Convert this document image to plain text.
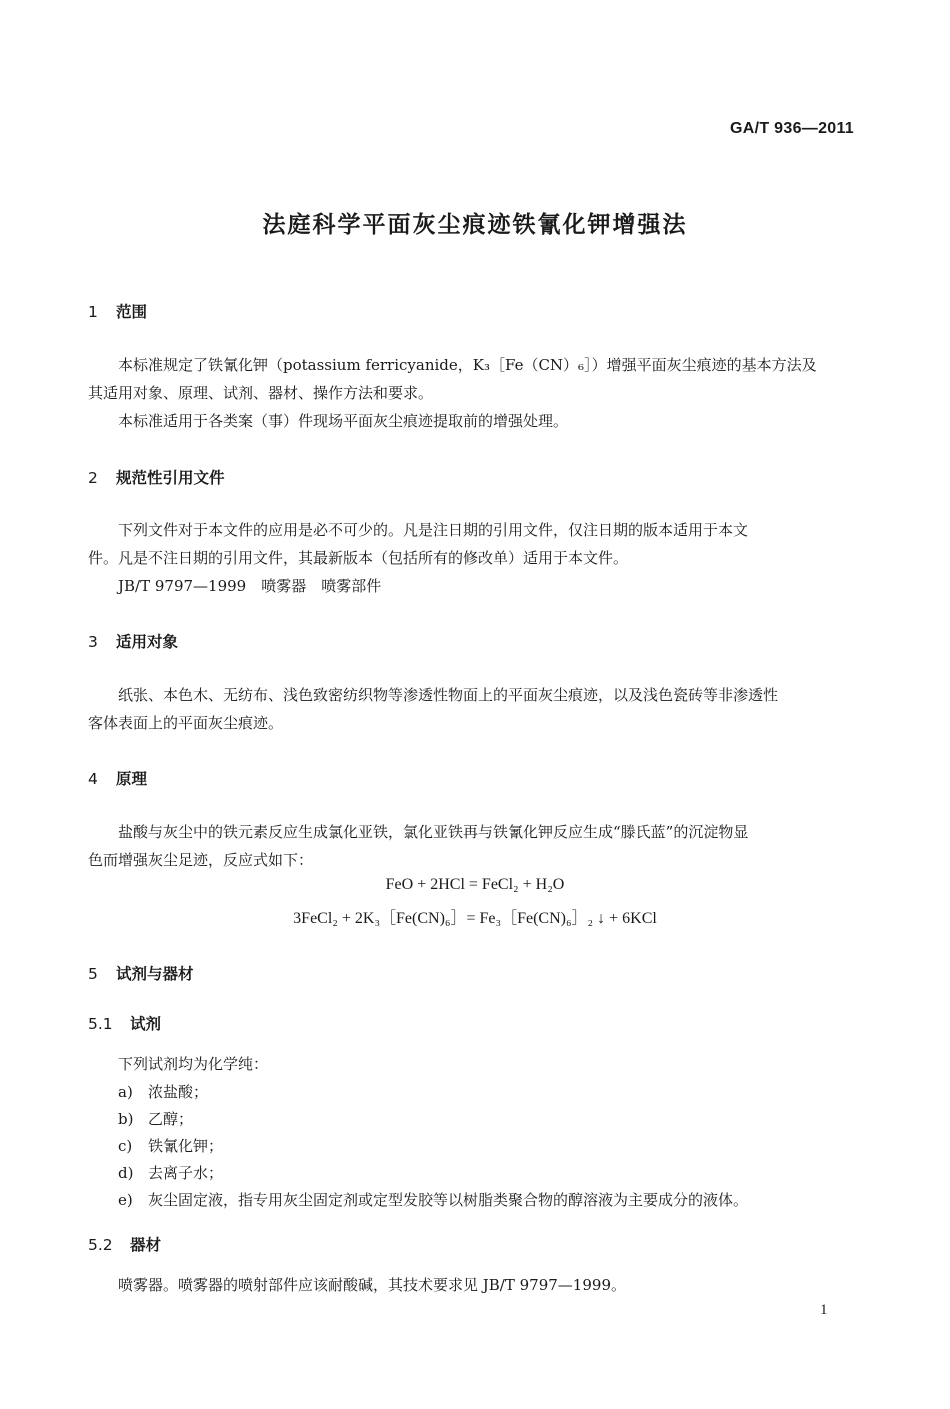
GA/T 936—2011
法庭科学平面灰尘痕迹铁氰化钾增强法
1 范围
本标准规定了铁氰化钾（potassium ferricyanide，K₃［Fe（CN）₆］）增强平面灰尘痕迹的基本方法及
其适用对象、原理、试剂、器材、操作方法和要求。
本标准适用于各类案（事）件现场平面灰尘痕迹提取前的增强处理。
2 规范性引用文件
下列文件对于本文件的应用是必不可少的。凡是注日期的引用文件，仅注日期的版本适用于本文
件。凡是不注日期的引用文件，其最新版本（包括所有的修改单）适用于本文件。
JB/T 9797—1999　喷雾器　喷雾部件
3 适用对象
纸张、本色木、无纺布、浅色致密纺织物等渗透性物面上的平面灰尘痕迹，以及浅色瓷砖等非渗透性
客体表面上的平面灰尘痕迹。
4 原理
盐酸与灰尘中的铁元素反应生成氯化亚铁，氯化亚铁再与铁氰化钾反应生成“滕氏蓝”的沉淀物显
色而增强灰尘足迹，反应式如下：
FeO + 2HCl = FeCl₂ + H₂O
3FeCl₂ + 2K₃［Fe(CN)₆］= Fe₃［Fe(CN)₆］₂ ↓ + 6KCl
5 试剂与器材
5.1 试剂
下列试剂均为化学纯：
a) 浓盐酸；
b) 乙醇；
c) 铁氰化钾；
d) 去离子水；
e) 灰尘固定液，指专用灰尘固定剂或定型发胶等以树脂类聚合物的醇溶液为主要成分的液体。
5.2 器材
喷雾器。喷雾器的喷射部件应该耐酸碱，其技术要求见 JB/T 9797—1999。
1
